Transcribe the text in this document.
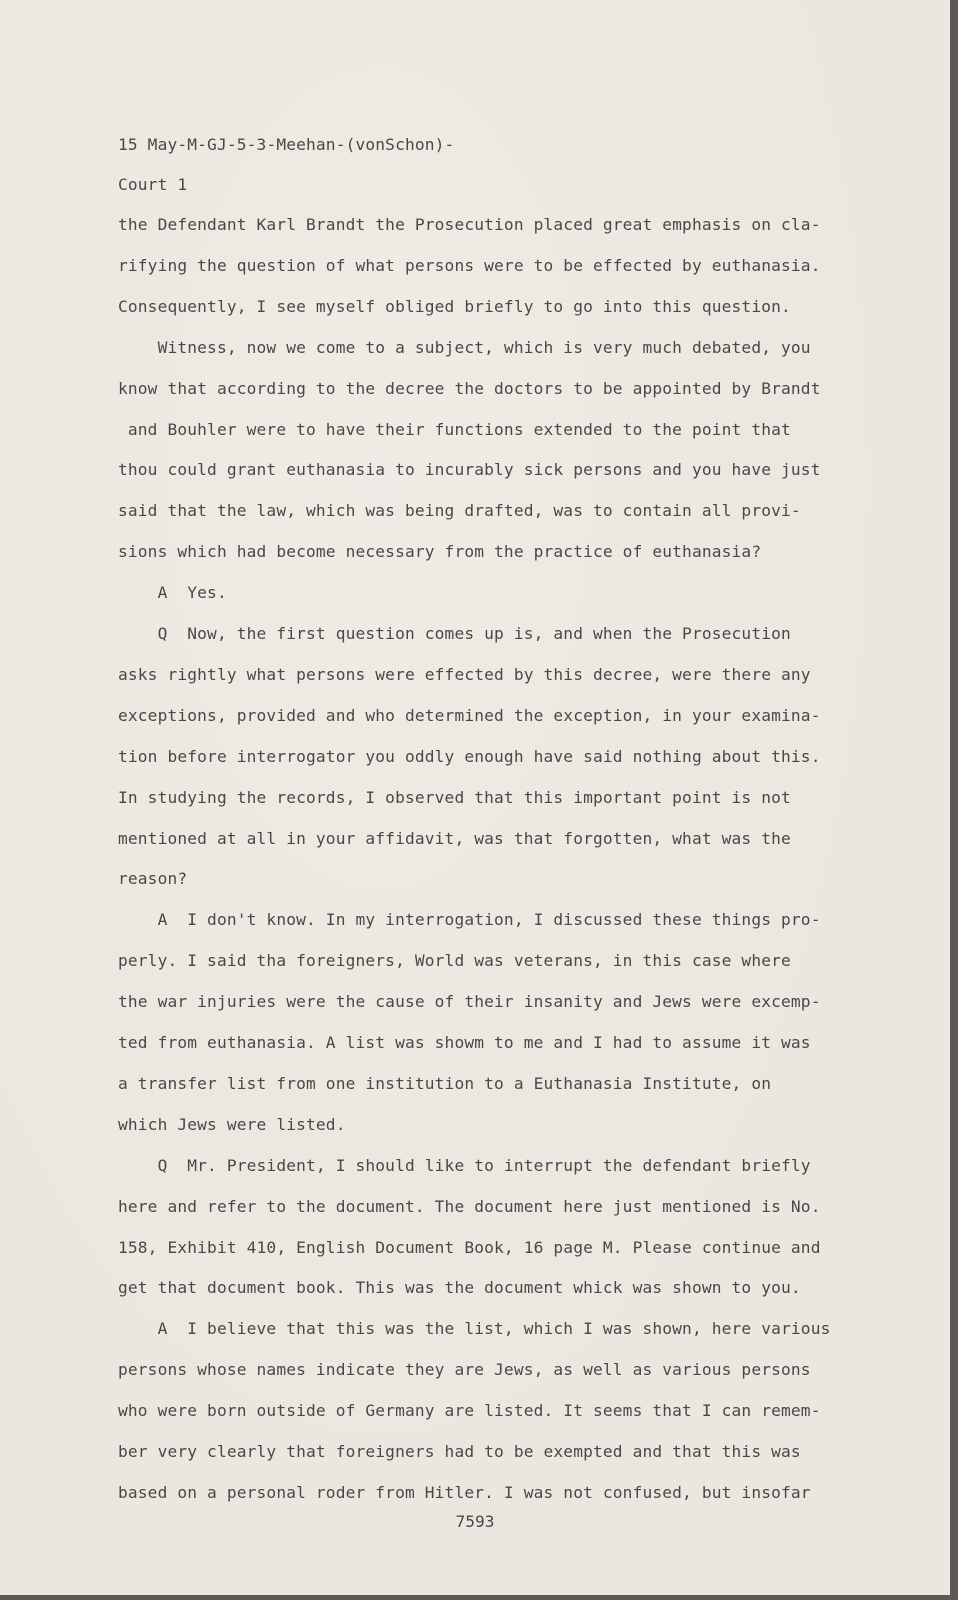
15 May-M-GJ-5-3-Meehan-(vonSchon)-
Court 1
the Defendant Karl Brandt the Prosecution placed great emphasis on cla-
rifying the question of what persons were to be effected by euthanasia.
Consequently, I see myself obliged briefly to go into this question.
Witness, now we come to a subject, which is very much debated, you
know that according to the decree the doctors to be appointed by Brandt
and Bouhler were to have their functions extended to the point that
thou could grant euthanasia to incurably sick persons and you have just
said that the law, which was being drafted, was to contain all provi-
sions which had become necessary from the practice of euthanasia?
A  Yes.
Q  Now, the first question comes up is, and when the Prosecution
asks rightly what persons were effected by this decree, were there any
exceptions, provided and who determined the exception, in your examina-
tion before interrogator you oddly enough have said nothing about this.
In studying the records, I observed that this important point is not
mentioned at all in your affidavit, was that forgotten, what was the
reason?
A  I don't know. In my interrogation, I discussed these things pro-
perly. I said tha foreigners, World was veterans, in this case where
the war injuries were the cause of their insanity and Jews were excemp-
ted from euthanasia. A list was showm to me and I had to assume it was
a transfer list from one institution to a Euthanasia Institute, on
which Jews were listed.
Q  Mr. President, I should like to interrupt the defendant briefly
here and refer to the document. The document here just mentioned is No.
158, Exhibit 410, English Document Book, 16 page M. Please continue and
get that document book. This was the document whick was shown to you.
A  I believe that this was the list, which I was shown, here various
persons whose names indicate they are Jews, as well as various persons
who were born outside of Germany are listed. It seems that I can remem-
ber very clearly that foreigners had to be exempted and that this was
based on a personal roder from Hitler. I was not confused, but insofar
7593
